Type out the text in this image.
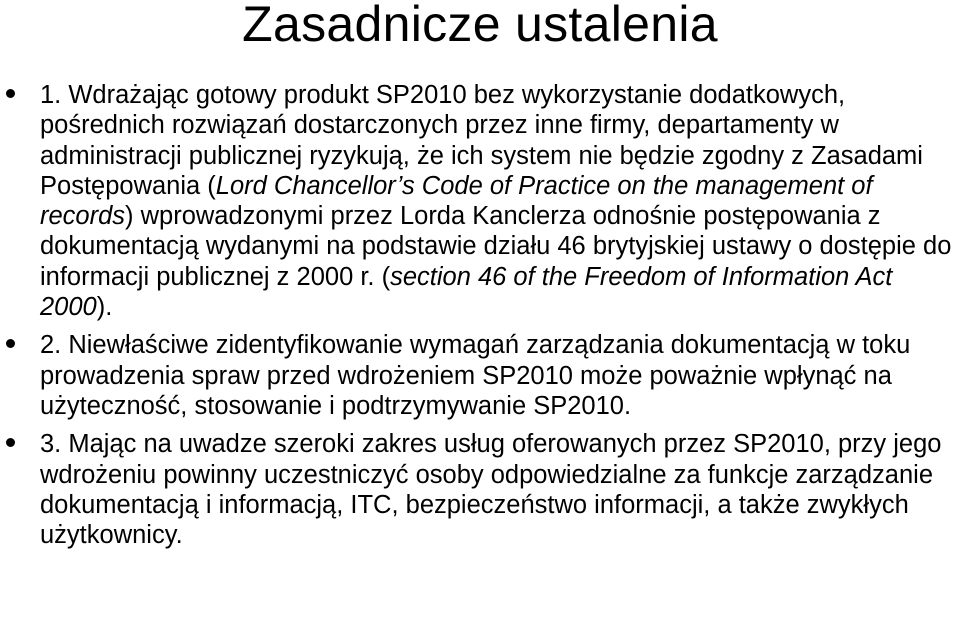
Zasadnicze ustalenia
1. Wdrażając gotowy produkt SP2010 bez wykorzystanie dodatkowych, pośrednich rozwiązań dostarczonych przez inne firmy, departamenty w administracji publicznej ryzykują, że ich system nie będzie zgodny z Zasadami Postępowania (Lord Chancellor’s Code of Practice on the management of records) wprowadzonymi przez Lorda Kanclerza odnośnie postępowania z dokumentacją wydanymi na podstawie działu 46 brytyjskiej ustawy o dostępie do informacji publicznej z 2000 r. (section 46 of the Freedom of Information Act 2000).
2. Niewłaściwe zidentyfikowanie wymagań zarządzania dokumentacją w toku prowadzenia spraw przed wdrożeniem SP2010 może poważnie wpłynąć na użyteczność, stosowanie i podtrzymywanie SP2010.
3. Mając na uwadze szeroki zakres usług oferowanych przez SP2010, przy jego wdrożeniu powinny uczestniczyć osoby odpowiedzialne za funkcje zarządzanie dokumentacją i informacją, ITC, bezpieczeństwo informacji, a także zwykłych użytkownicy.
